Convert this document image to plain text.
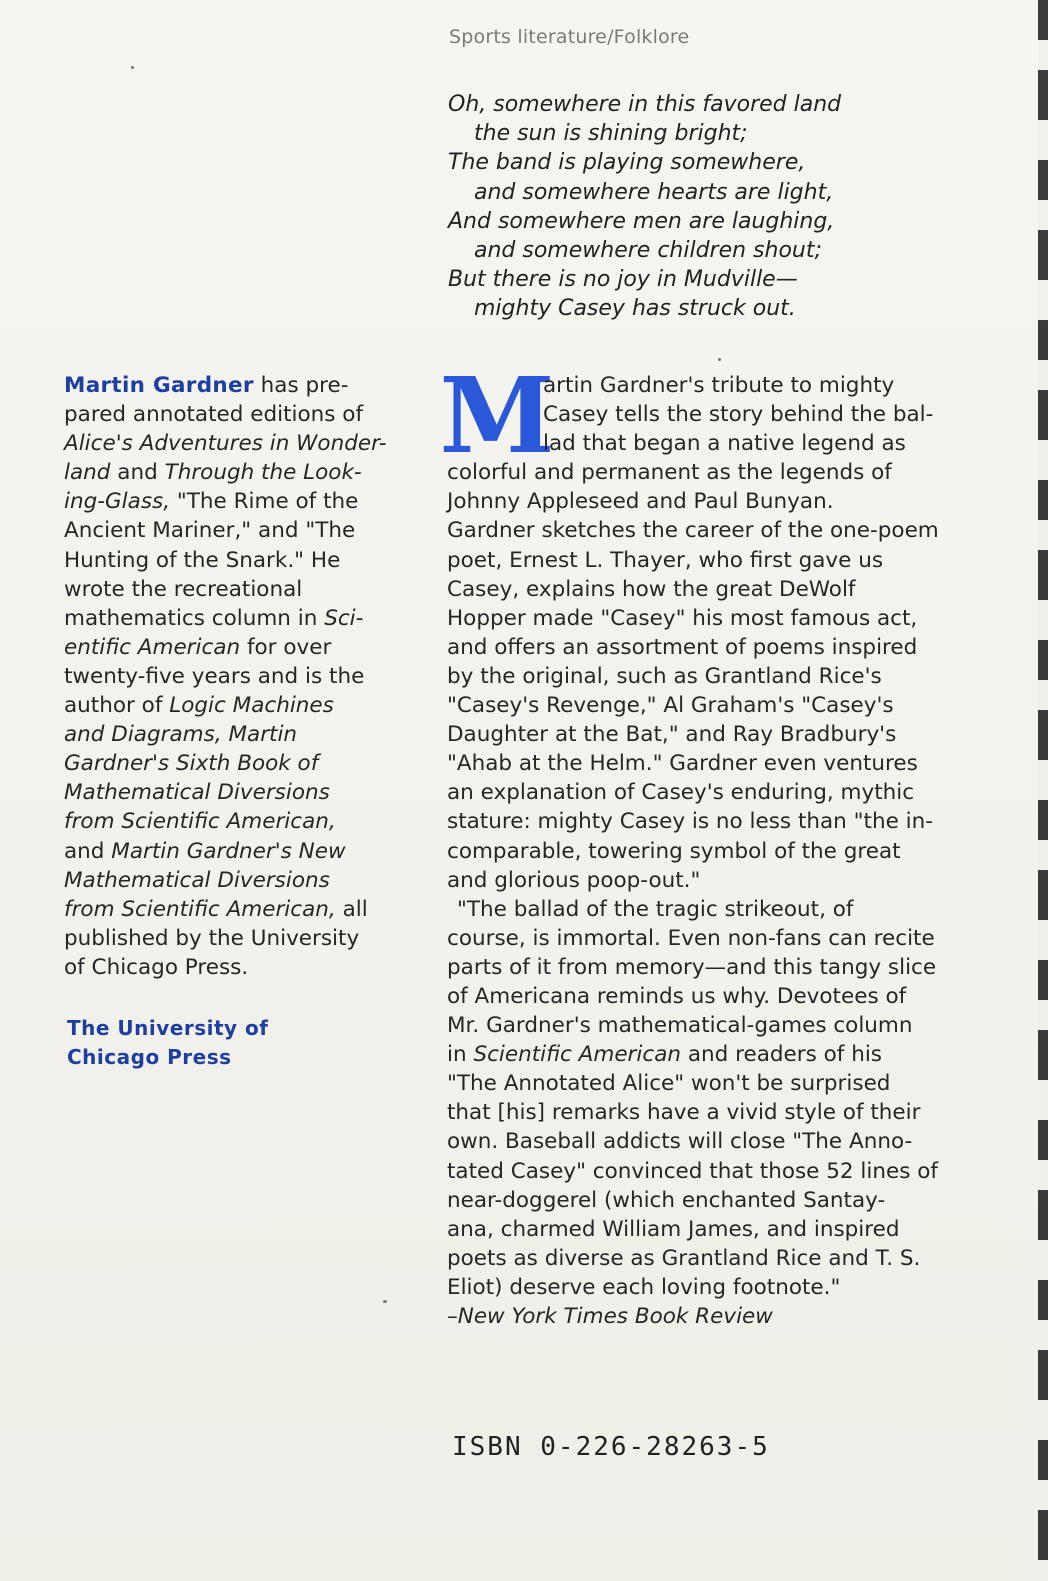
Sports literature/Folklore
Oh, somewhere in this favored land
the sun is shining bright;
The band is playing somewhere,
and somewhere hearts are light,
And somewhere men are laughing,
and somewhere children shout;
But there is no joy in Mudville—
mighty Casey has struck out.
Martin Gardner has pre-
pared annotated editions of
Alice's Adventures in Wonder-
land and Through the Look-
ing-Glass, "The Rime of the
Ancient Mariner," and "The
Hunting of the Snark." He
wrote the recreational
mathematics column in Sci-
entific American for over
twenty-five years and is the
author of Logic Machines
and Diagrams, Martin
Gardner's Sixth Book of
Mathematical Diversions
from Scientific American,
and Martin Gardner's New
Mathematical Diversions
from Scientific American, all
published by the University
of Chicago Press.
The University of
Chicago Press
M
artin Gardner's tribute to mighty
Casey tells the story behind the bal-
lad that began a native legend as
colorful and permanent as the legends of
Johnny Appleseed and Paul Bunyan.
Gardner sketches the career of the one-poem
poet, Ernest L. Thayer, who first gave us
Casey, explains how the great DeWolf
Hopper made "Casey" his most famous act,
and offers an assortment of poems inspired
by the original, such as Grantland Rice's
"Casey's Revenge," Al Graham's "Casey's
Daughter at the Bat," and Ray Bradbury's
"Ahab at the Helm." Gardner even ventures
an explanation of Casey's enduring, mythic
stature: mighty Casey is no less than "the in-
comparable, towering symbol of the great
and glorious poop-out."
"The ballad of the tragic strikeout, of
course, is immortal. Even non-fans can recite
parts of it from memory—and this tangy slice
of Americana reminds us why. Devotees of
Mr. Gardner's mathematical-games column
in Scientific American and readers of his
"The Annotated Alice" won't be surprised
that [his] remarks have a vivid style of their
own. Baseball addicts will close "The Anno-
tated Casey" convinced that those 52 lines of
near-doggerel (which enchanted Santay-
ana, charmed William James, and inspired
poets as diverse as Grantland Rice and T. S.
Eliot) deserve each loving footnote."
–New York Times Book Review
ISBN 0-226-28263-5
